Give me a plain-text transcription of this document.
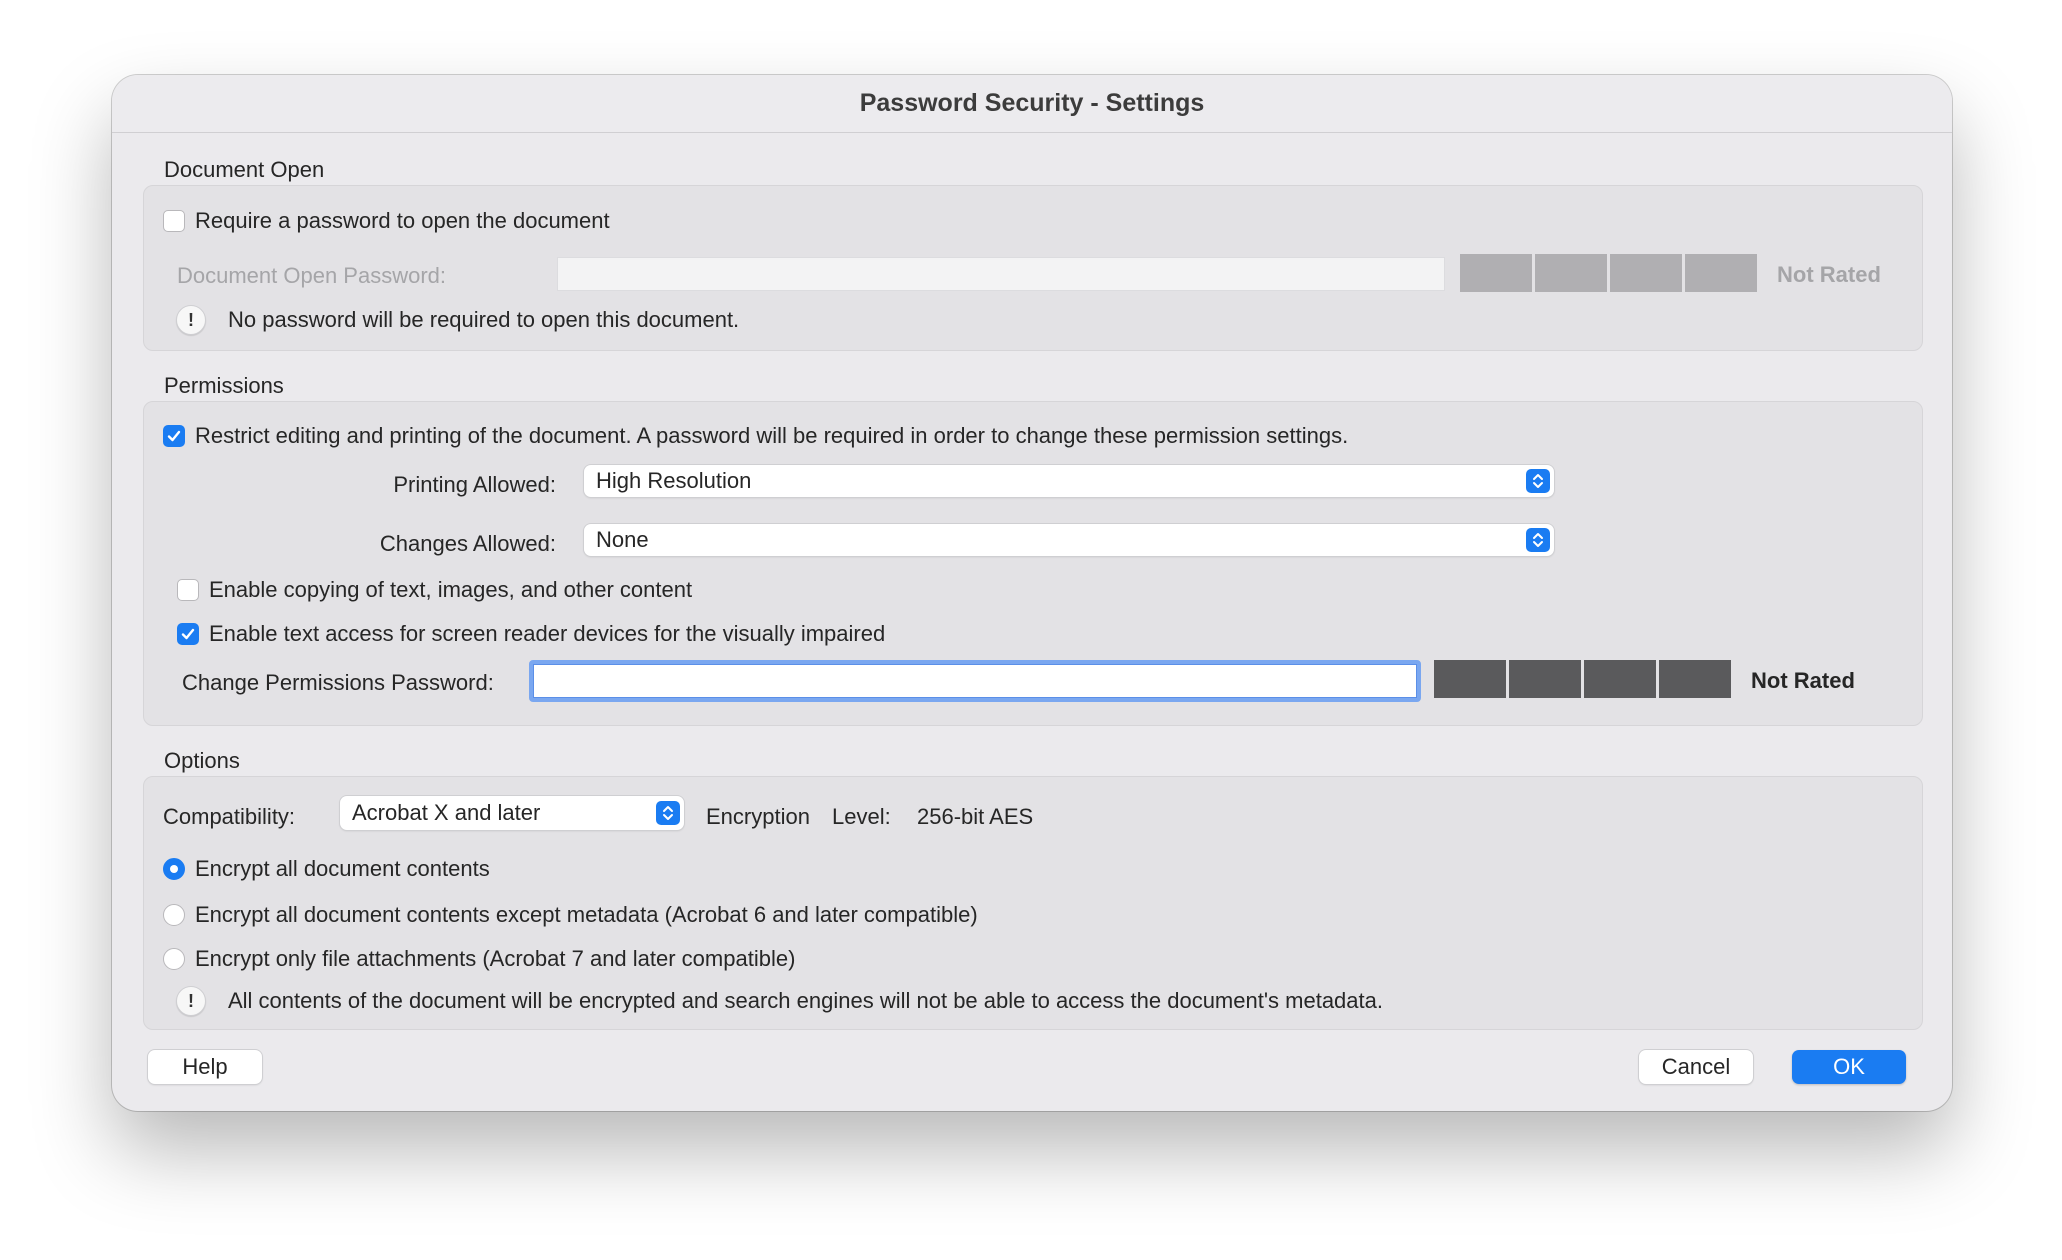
Password Security - Settings
Document Open
Require a password to open the document
Document Open Password:	Not Rated
!	No password will be required to open this document.
Permissions
Restrict editing and printing of the document. A password will be required in order to change these permission settings.
Printing Allowed: High Resolution
Changes Allowed: None
Enable copying of text, images, and other content
Enable text access for screen reader devices for the visually impaired
Change Permissions Password:	Not Rated
Options
Compatibility:	Acrobat X and later	Encryption Level: 256-bit AES
Encrypt all document contents
Encrypt all document contents except metadata (Acrobat 6 and later compatible)
Encrypt only file attachments (Acrobat 7 and later compatible)
!	All contents of the document will be encrypted and search engines will not be able to access the document's metadata.
Help	Cancel	OK
